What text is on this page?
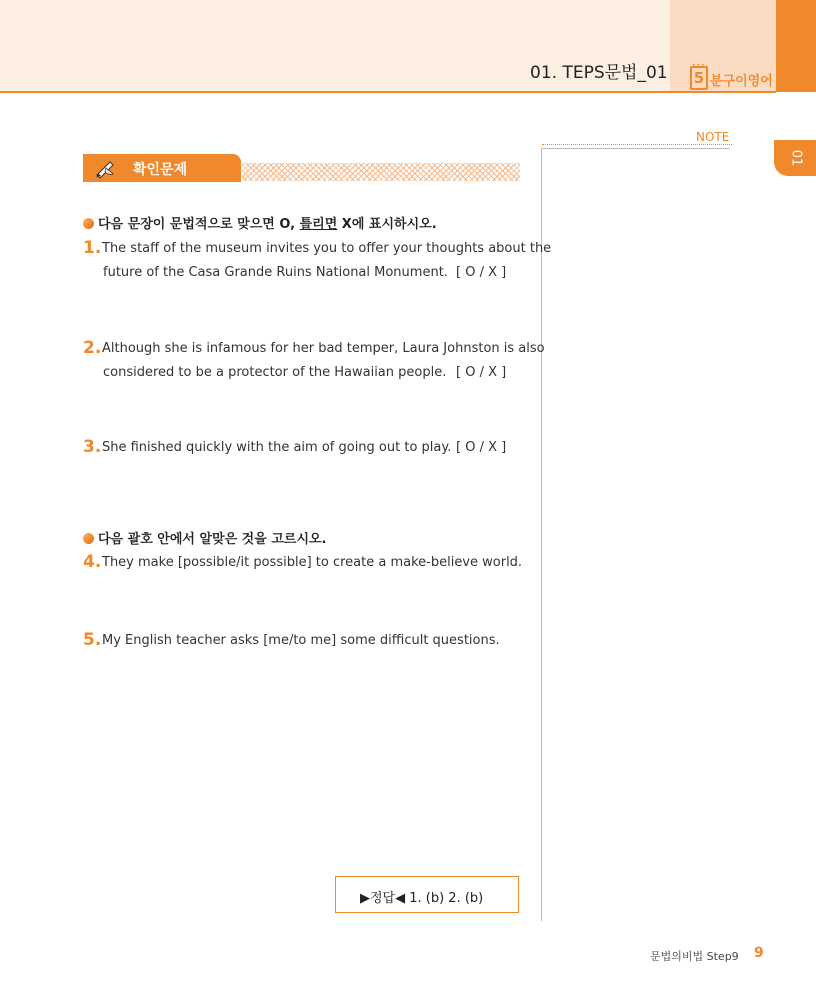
01. TEPS문법_01	•••
5 분구이영어
NOTE
01
확인문제
다음 문장이 문법적으로 맞으면 O, 틀리면 X에 표시하시오.
1. The staff of the museum invites you to offer your thoughts about the
future of the Casa Grande Ruins National Monument. [ O / X ]
2. Although she is infamous for her bad temper, Laura Johnston is also
considered to be a protector of the Hawaiian people. [ O / X ]
3. She finished quickly with the aim of going out to play. [ O / X ]
다음 괄호 안에서 알맞은 것을 고르시오.
4. They make [possible/it possible] to create a make-believe world.
5. My English teacher asks [me/to me] some difficult questions.
▶정답◀ 1. (b) 2. (b)
문법의비법 Step9 9
